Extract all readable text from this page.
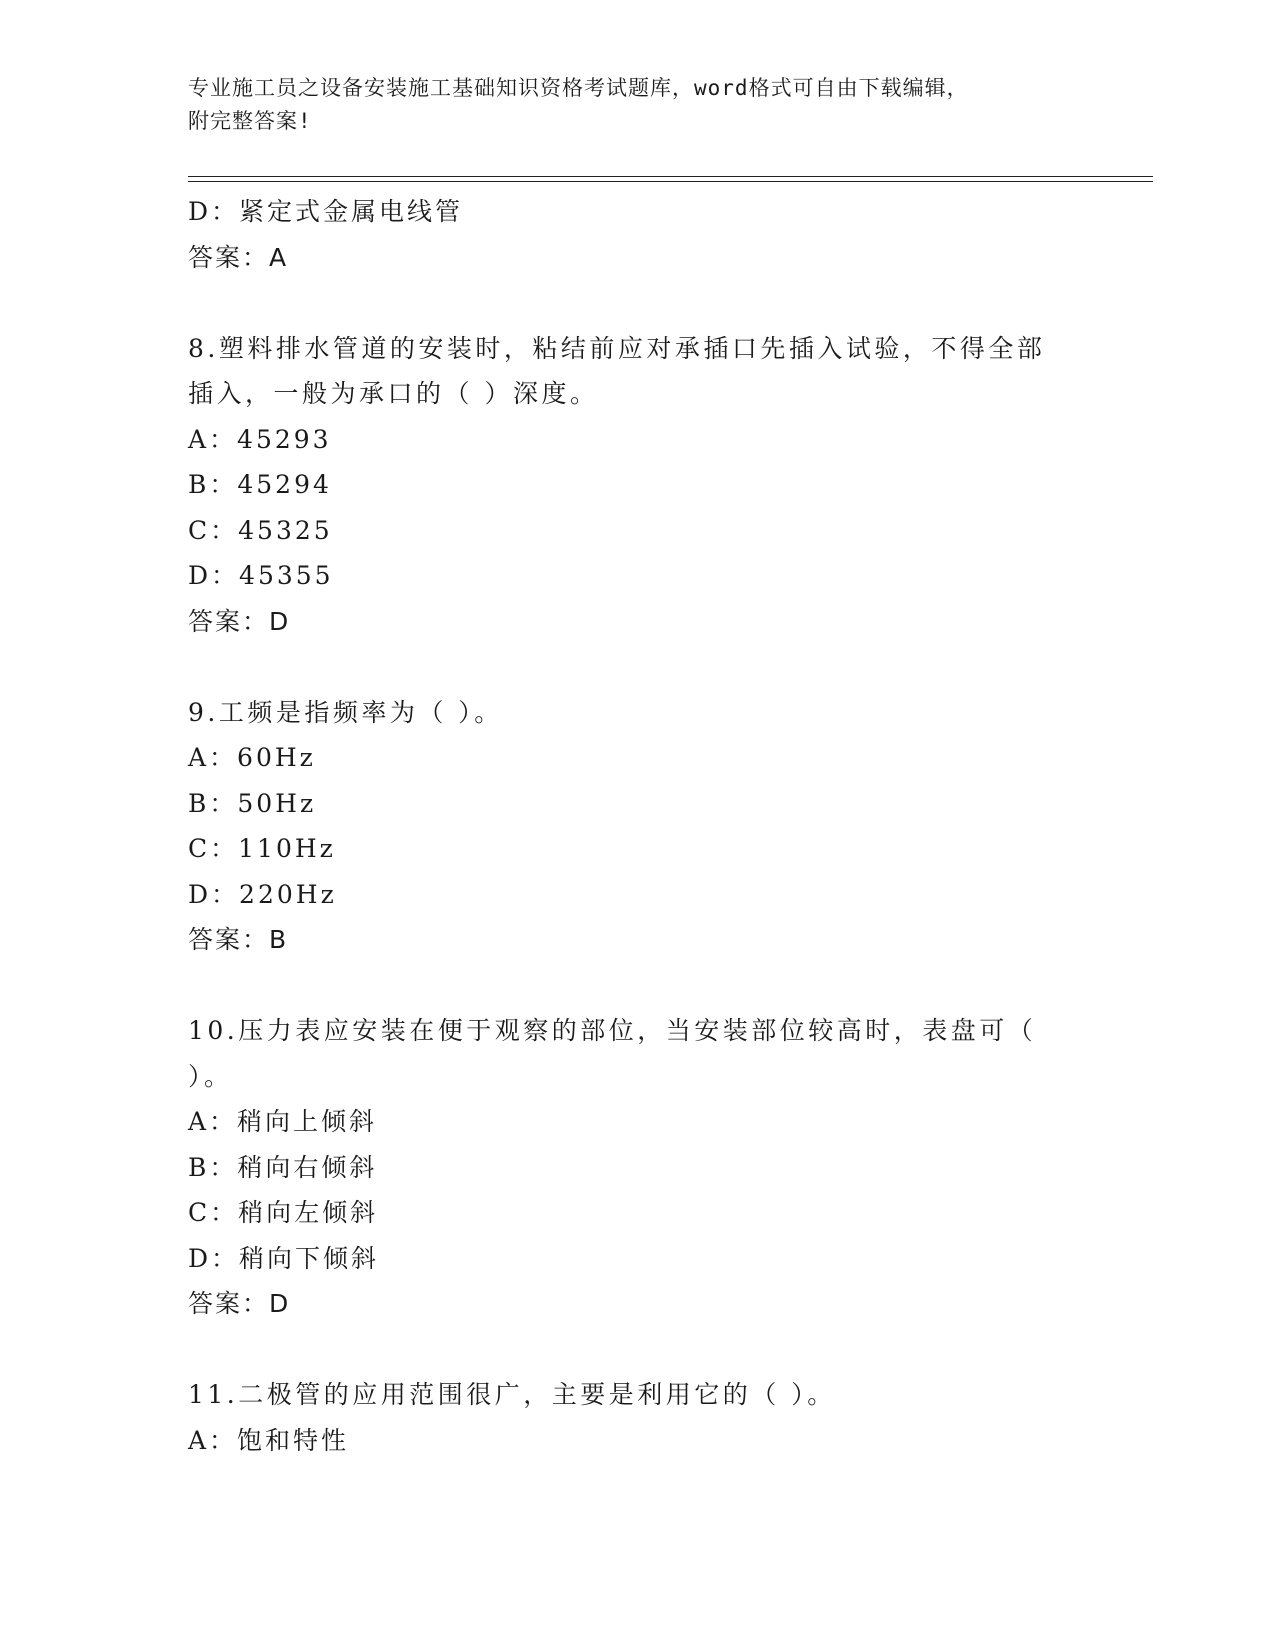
专业施工员之设备安装施工基础知识资格考试题库，word格式可自由下载编辑，
附完整答案!
D：紧定式金属电线管
答案：A
8.塑料排水管道的安装时，粘结前应对承插口先插入试验，不得全部插入，一般为承口的（ ）深度。
A：45293
B：45294
C：45325
D：45355
答案：D
9.工频是指频率为（ ）。
A：60Hz
B：50Hz
C：110Hz
D：220Hz
答案：B
10.压力表应安装在便于观察的部位，当安装部位较高时，表盘可（ ）。
A：稍向上倾斜
B：稍向右倾斜
C：稍向左倾斜
D：稍向下倾斜
答案：D
11.二极管的应用范围很广，主要是利用它的（ ）。
A：饱和特性
